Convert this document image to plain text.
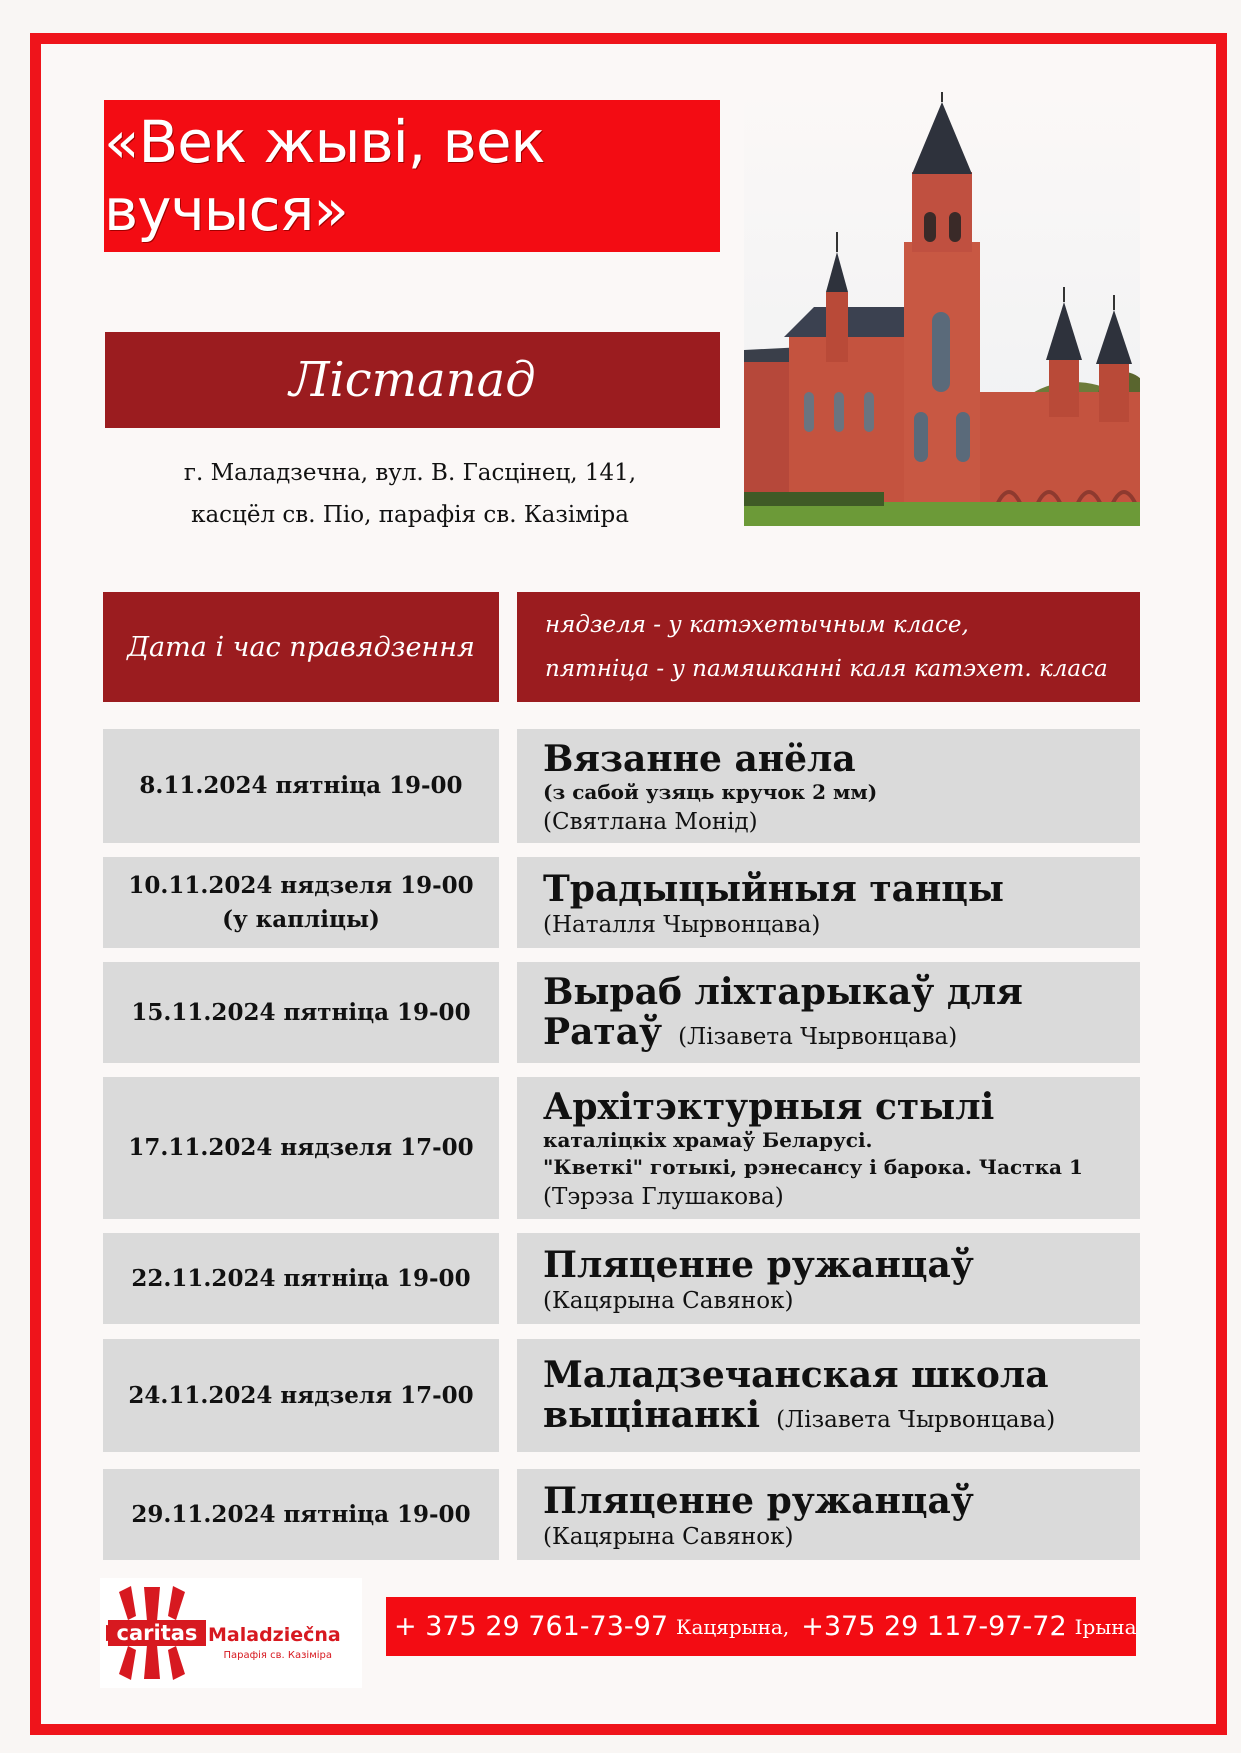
«Век жыві, век вучыся»
Лістапад
г. Маладзечна, вул. В. Гасцінец, 141,
касцёл св. Піо, парафія св. Казіміра
Дата і час правядзення
нядзеля - у катэхетычным класе,
пятніца - у памяшканні каля катэхет. класа
8.11.2024 пятніца 19-00
Вязанне анёла
(з сабой узяць кручок 2 мм)
(Святлана Монід)
10.11.2024 нядзеля 19-00
(у капліцы)
Традыцыйныя танцы
(Наталля Чырвонцава)
15.11.2024 пятніца 19-00 Выраб ліхтарыкаў для
Ратаў (Лізавета Чырвонцава)
17.11.2024 нядзеля 17-00
Архітэктурныя стылі
каталіцкіх храмаў Беларусі.
"Кветкі" готыкі, рэнесансу і барока. Частка 1
(Тэрэза Глушакова)
22.11.2024 пятніца 19-00 Пляценне ружанцаў
(Кацярына Савянок)
24.11.2024 нядзеля 17-00 Маладзечанская школа
выцінанкі (Лізавета Чырвонцава)
29.11.2024 пятніца 19-00 Пляценне ружанцаў
(Кацярына Савянок)
caritas Maladziečna
Парафія св. Казіміра
+ 375 29 761-73-97 Кацярына, +375 29 117-97-72 Ірына
